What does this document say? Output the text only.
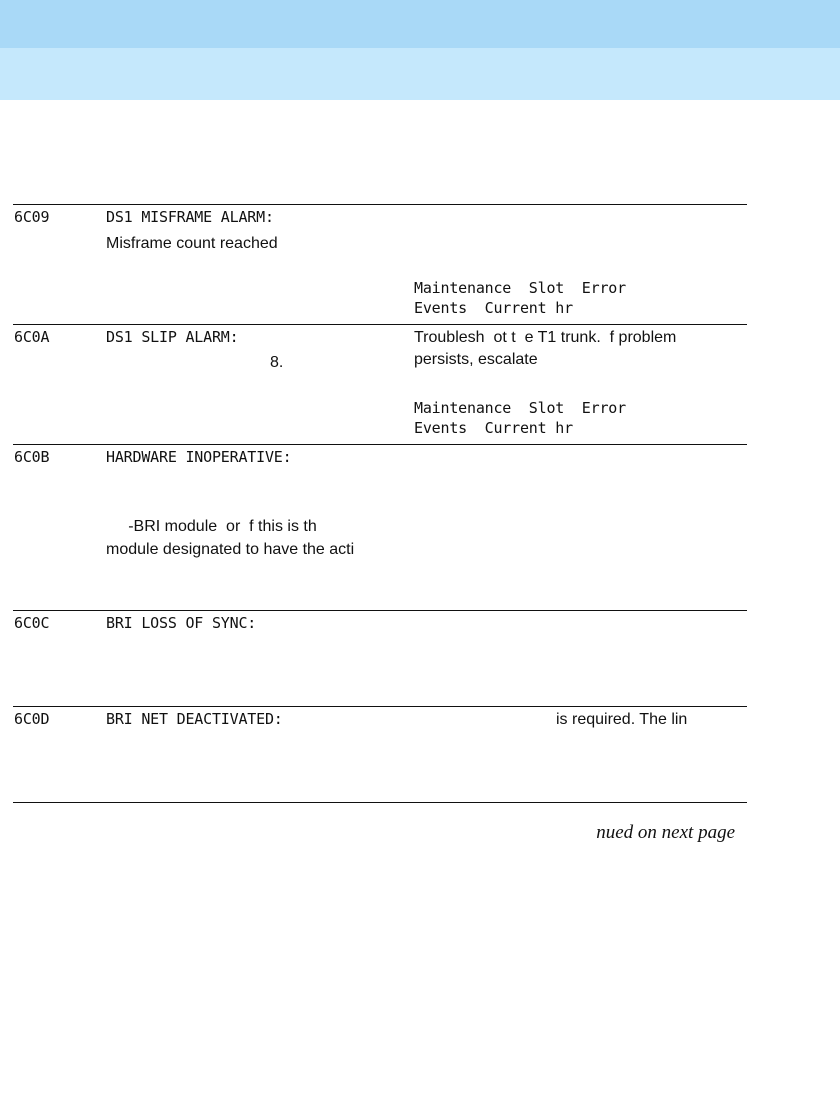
6C09	DS1 MISFRAME ALARM:
Misframe count reached
Maintenance  Slot  Error
Events  Current hr
6C0A	DS1 SLIP ALARM:
8.
Troublesh  ot t  e T1 trunk.  f problem
persists, escalate
Maintenance  Slot  Error
Events  Current hr
6C0B	HARDWARE INOPERATIVE:
-BRI module  or  f this is th
module designated to have the acti
6C0C	BRI LOSS OF SYNC:
6C0D	BRI NET DEACTIVATED:	is required. The lin
nued on next page
